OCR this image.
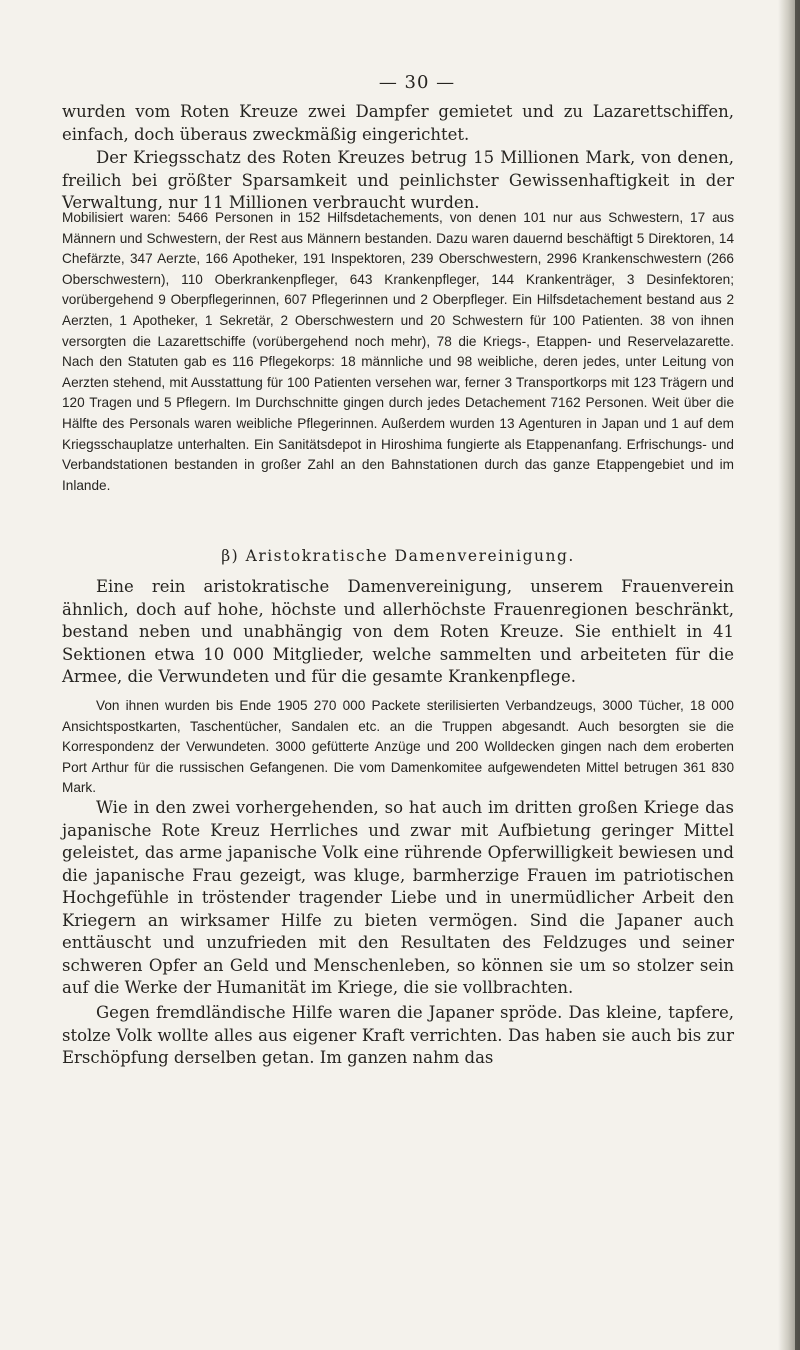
— 30 —

wurden vom Roten Kreuze zwei Dampfer gemietet und zu Lazarettschiffen, einfach, doch überaus zweckmäßig eingerichtet.

Der Kriegsschatz des Roten Kreuzes betrug 15 Millionen Mark, von denen, freilich bei größter Sparsamkeit und peinlichster Gewissenhaftigkeit in der Verwaltung, nur 11 Millionen verbraucht wurden.

Mobilisiert waren: 5466 Personen in 152 Hilfsdetachements, von denen 101 nur aus Schwestern, 17 aus Männern und Schwestern, der Rest aus Männern bestanden. Dazu waren dauernd beschäftigt 5 Direktoren, 14 Chefärzte, 347 Aerzte, 166 Apotheker, 191 Inspektoren, 239 Oberschwestern, 2996 Krankenschwestern (266 Oberschwestern), 110 Oberkrankenpfleger, 643 Krankenpfleger, 144 Krankenträger, 3 Desinfektoren; vorübergehend 9 Oberpflegerinnen, 607 Pflegerinnen und 2 Oberpfleger. Ein Hilfsdetachement bestand aus 2 Aerzten, 1 Apotheker, 1 Sekretär, 2 Oberschwestern und 20 Schwestern für 100 Patienten. 38 von ihnen versorgten die Lazarettschiffe (vorübergehend noch mehr), 78 die Kriegs-, Etappen- und Reservelazarette. Nach den Statuten gab es 116 Pflegekorps: 18 männliche und 98 weibliche, deren jedes, unter Leitung von Aerzten stehend, mit Ausstattung für 100 Patienten versehen war, ferner 3 Transportkorps mit 123 Trägern und 120 Tragen und 5 Pflegern. Im Durchschnitte gingen durch jedes Detachement 7162 Personen. Weit über die Hälfte des Personals waren weibliche Pflegerinnen. Außerdem wurden 13 Agenturen in Japan und 1 auf dem Kriegsschauplatze unterhalten. Ein Sanitätsdepot in Hiroshima fungierte als Etappenanfang. Erfrischungs- und Verbandstationen bestanden in großer Zahl an den Bahnstationen durch das ganze Etappengebiet und im Inlande.

β) Aristokratische Damenvereinigung.

Eine rein aristokratische Damenvereinigung, unserem Frauenverein ähnlich, doch auf hohe, höchste und allerhöchste Frauenregionen beschränkt, bestand neben und unabhängig von dem Roten Kreuze. Sie enthielt in 41 Sektionen etwa 10 000 Mitglieder, welche sammelten und arbeiteten für die Armee, die Verwundeten und für die gesamte Krankenpflege.

Von ihnen wurden bis Ende 1905 270 000 Packete sterilisierten Verbandzeugs, 3000 Tücher, 18 000 Ansichtspostkarten, Taschentücher, Sandalen etc. an die Truppen abgesandt. Auch besorgten sie die Korrespondenz der Verwundeten. 3000 gefütterte Anzüge und 200 Wolldecken gingen nach dem eroberten Port Arthur für die russischen Gefangenen. Die vom Damenkomitee aufgewendeten Mittel betrugen 361 830 Mark.

Wie in den zwei vorhergehenden, so hat auch im dritten großen Kriege das japanische Rote Kreuz Herrliches und zwar mit Aufbietung geringer Mittel geleistet, das arme japanische Volk eine rührende Opferwilligkeit bewiesen und die japanische Frau gezeigt, was kluge, barmherzige Frauen im patriotischen Hochgefühle in tröstender tragender Liebe und in unermüdlicher Arbeit den Kriegern an wirksamer Hilfe zu bieten vermögen. Sind die Japaner auch enttäuscht und unzufrieden mit den Resultaten des Feldzuges und seiner schweren Opfer an Geld und Menschenleben, so können sie um so stolzer sein auf die Werke der Humanität im Kriege, die sie vollbrachten.

Gegen fremdländische Hilfe waren die Japaner spröde. Das kleine, tapfere, stolze Volk wollte alles aus eigener Kraft verrichten. Das haben sie auch bis zur Erschöpfung derselben getan. Im ganzen nahm das
